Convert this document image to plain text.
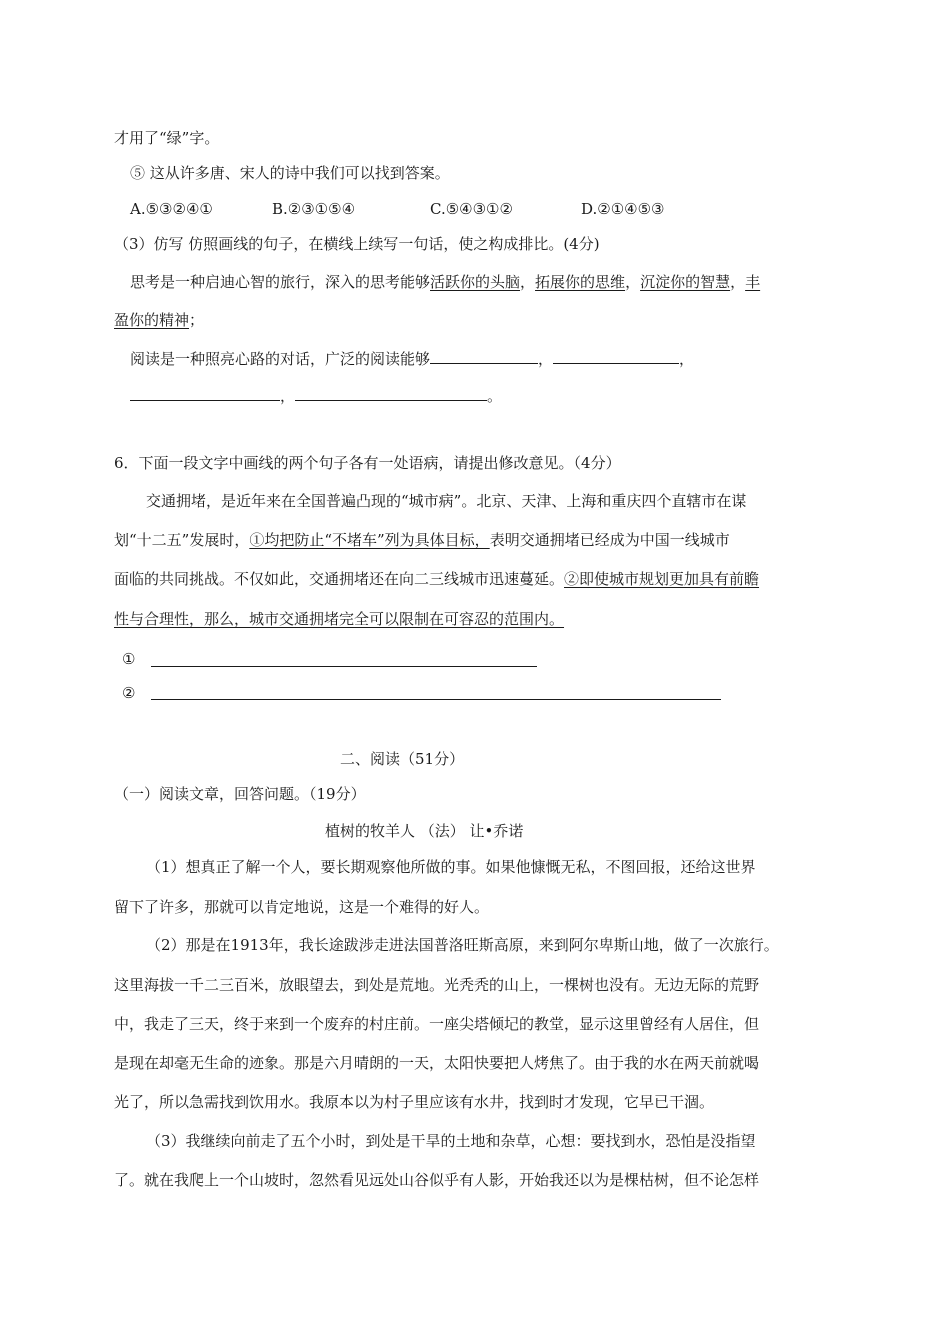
才用了“绿”字。
⑤ 这从许多唐、宋人的诗中我们可以找到答案。
A.⑤③②④①	B.②③①⑤④	C.⑤④③①②	D.②①④⑤③
（3）仿写 仿照画线的句子，在横线上续写一句话，使之构成排比。(4分)
思考是一种启迪心智的旅行，深入的思考能够活跃你的头脑，拓展你的思维，沉淀你的智慧，丰
盈你的精神；
阅读是一种照亮心路的对话，广泛的阅读能够	，	，
，	。
6．下面一段文字中画线的两个句子各有一处语病，请提出修改意见。（4分）
交通拥堵，是近年来在全国普遍凸现的“城市病”。北京、天津、上海和重庆四个直辖市在谋
划“十二五”发展时，①均把防止“不堵车”列为具体目标，表明交通拥堵已经成为中国一线城市
面临的共同挑战。不仅如此，交通拥堵还在向二三线城市迅速蔓延。②即使城市规划更加具有前瞻
性与合理性，那么，城市交通拥堵完全可以限制在可容忍的范围内。
①
②
二、阅读（51分）
（一）阅读文章，回答问题。（19分）
植树的牧羊人 （法） 让•乔诺
（1）想真正了解一个人，要长期观察他所做的事。如果他慷慨无私，不图回报，还给这世界
留下了许多，那就可以肯定地说，这是一个难得的好人。
（2）那是在1913年，我长途跋涉走进法国普洛旺斯高原，来到阿尔卑斯山地，做了一次旅行。
这里海拔一千二三百米，放眼望去，到处是荒地。光秃秃的山上，一棵树也没有。无边无际的荒野
中，我走了三天，终于来到一个废弃的村庄前。一座尖塔倾圮的教堂，显示这里曾经有人居住，但
是现在却毫无生命的迹象。那是六月晴朗的一天，太阳快要把人烤焦了。由于我的水在两天前就喝
光了，所以急需找到饮用水。我原本以为村子里应该有水井，找到时才发现，它早已干涸。
（3）我继续向前走了五个小时，到处是干旱的土地和杂草，心想：要找到水，恐怕是没指望
了。就在我爬上一个山坡时，忽然看见远处山谷似乎有人影，开始我还以为是棵枯树，但不论怎样
